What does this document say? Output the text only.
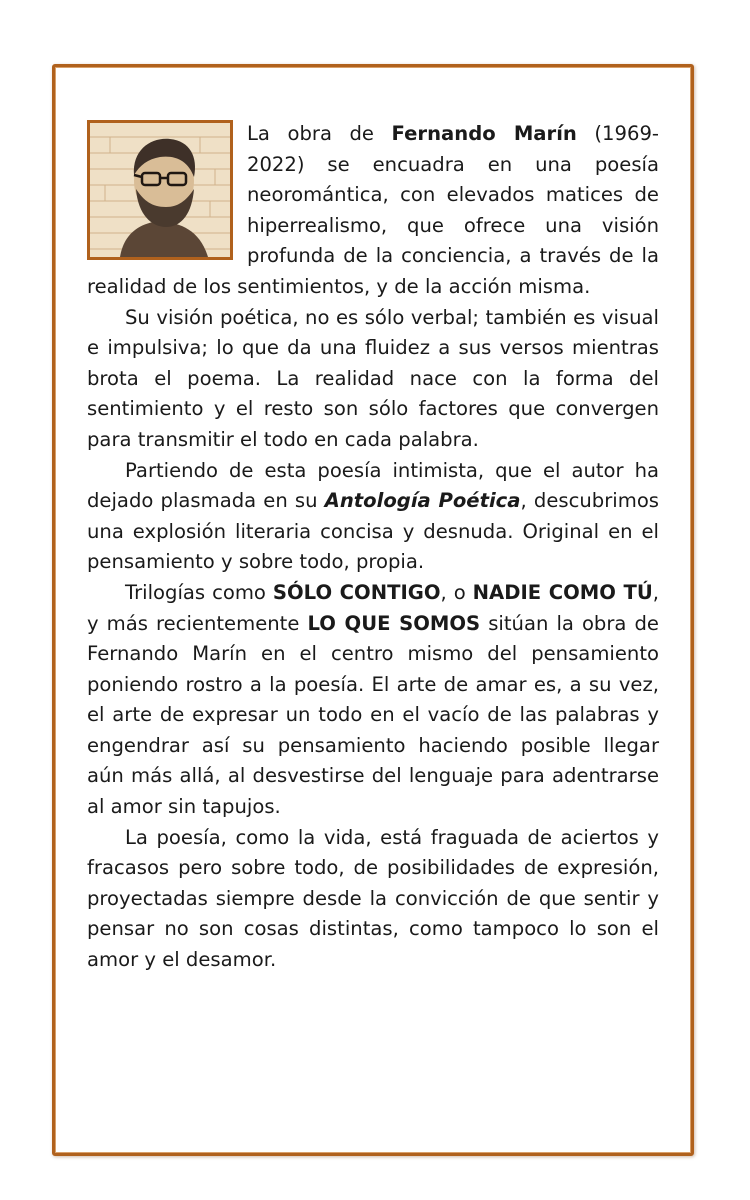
La obra de Fernando Marín (1969-2022) se encuadra en una poesía neoromántica, con elevados matices de hiperrealismo, que ofrece una visión profunda de la conciencia, a través de la realidad de los sentimientos, y de la acción misma.

Su visión poética, no es sólo verbal; también es visual e impulsiva; lo que da una fluidez a sus versos mientras brota el poema. La realidad nace con la forma del sentimiento y el resto son sólo factores que convergen para transmitir el todo en cada palabra.

Partiendo de esta poesía intimista, que el autor ha dejado plasmada en su Antología Poética, descubrimos una explosión literaria concisa y desnuda. Original en el pensamiento y sobre todo, propia.

Trilogías como SÓLO CONTIGO, o NADIE COMO TÚ, y más recientemente LO QUE SOMOS sitúan la obra de Fernando Marín en el centro mismo del pensamiento poniendo rostro a la poesía. El arte de amar es, a su vez, el arte de expresar un todo en el vacío de las palabras y engendrar así su pensamiento haciendo posible llegar aún más allá, al desvestirse del lenguaje para adentrarse al amor sin tapujos.

La poesía, como la vida, está fraguada de aciertos y fracasos pero sobre todo, de posibilidades de expresión, proyectadas siempre desde la convicción de que sentir y pensar no son cosas distintas, como tampoco lo son el amor y el desamor.
